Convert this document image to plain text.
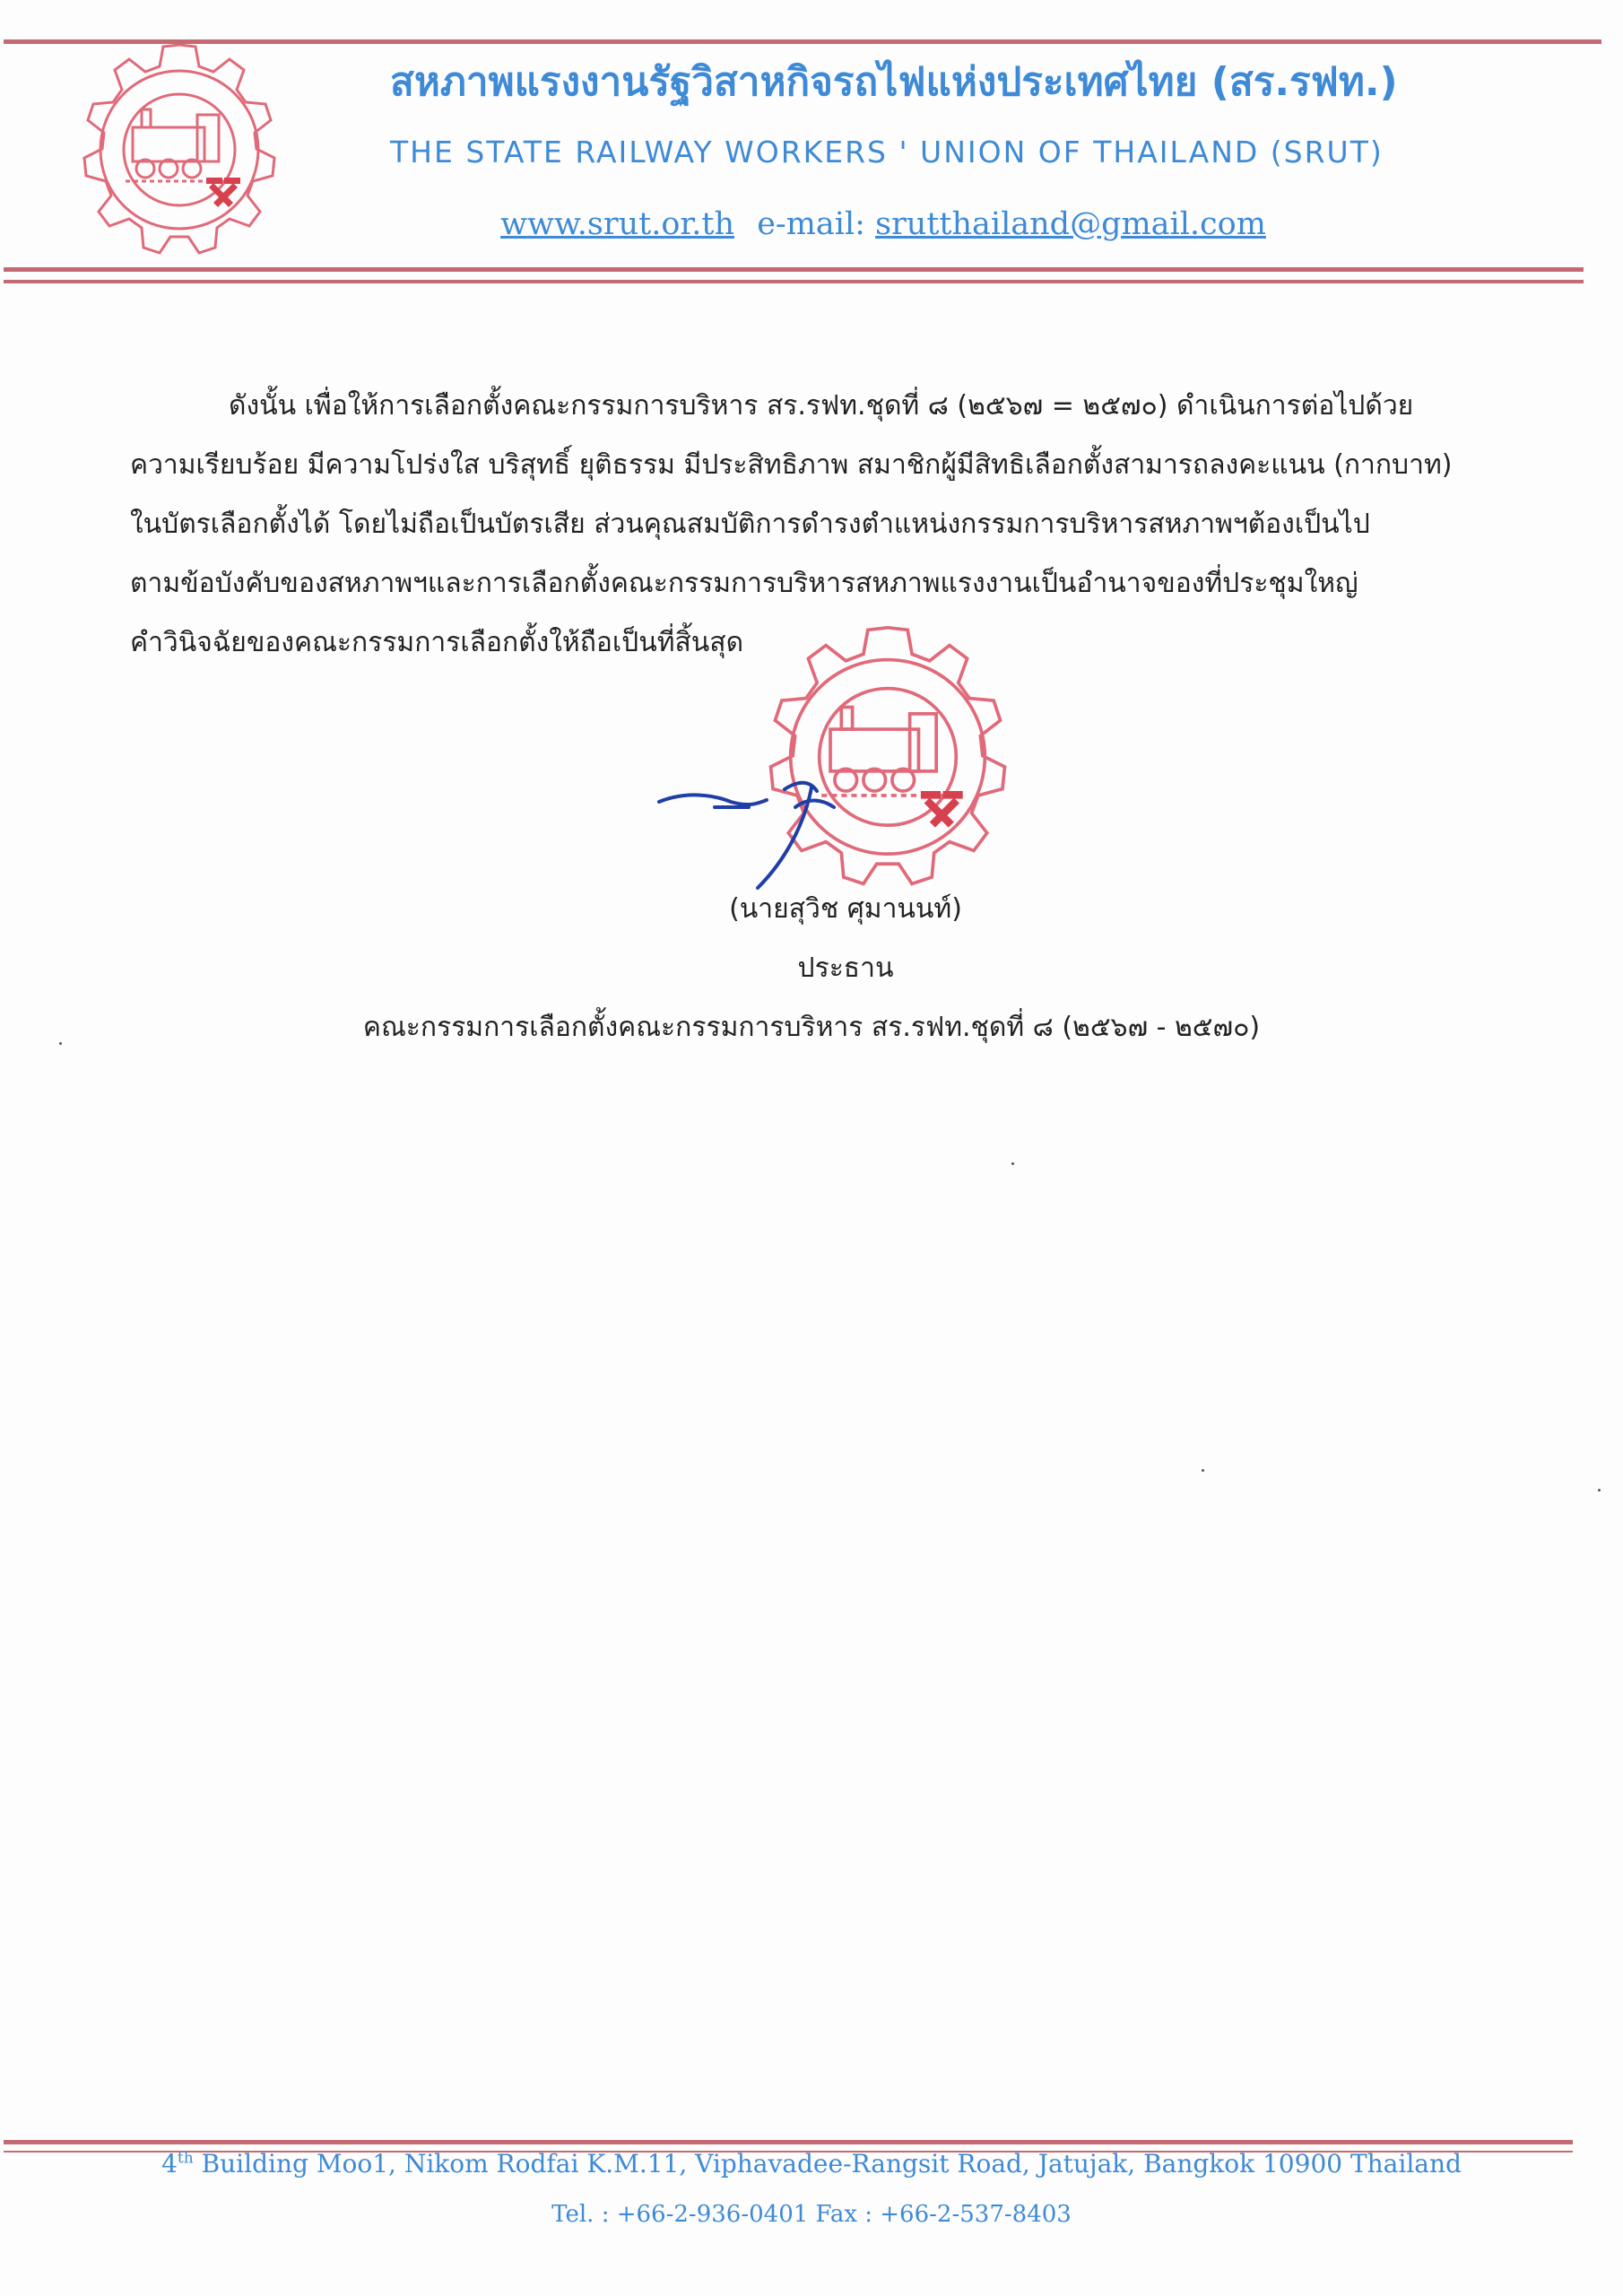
สหภาพแรงงานรัฐวิสาหกิจรถไฟแห่งประเทศไทย (สร.รฟท.)
THE STATE RAILWAY WORKERS ' UNION OF THAILAND (SRUT)
www.srut.or.th e-mail: srutthailand@gmail.com
ดังนั้น เพื่อให้การเลือกตั้งคณะกรรมการบริหาร สร.รฟท.ชุดที่ ๘ (๒๕๖๗ = ๒๕๗๐) ดำเนินการต่อไปด้วย
ความเรียบร้อย มีความโปร่งใส บริสุทธิ์ ยุติธรรม มีประสิทธิภาพ สมาชิกผู้มีสิทธิเลือกตั้งสามารถลงคะแนน (กากบาท)
ในบัตรเลือกตั้งได้ โดยไม่ถือเป็นบัตรเสีย ส่วนคุณสมบัติการดำรงตำแหน่งกรรมการบริหารสหภาพฯต้องเป็นไป
ตามข้อบังคับของสหภาพฯและการเลือกตั้งคณะกรรมการบริหารสหภาพแรงงานเป็นอำนาจของที่ประชุมใหญ่
คำวินิจฉัยของคณะกรรมการเลือกตั้งให้ถือเป็นที่สิ้นสุด
(นายสุวิช ศุมานนท์)
ประธาน
คณะกรรมการเลือกตั้งคณะกรรมการบริหาร สร.รฟท.ชุดที่ ๘ (๒๕๖๗ - ๒๕๗๐)
4th Building Moo1, Nikom Rodfai K.M.11, Viphavadee-Rangsit Road, Jatujak, Bangkok 10900 Thailand
Tel. : +66-2-936-0401 Fax : +66-2-537-8403
